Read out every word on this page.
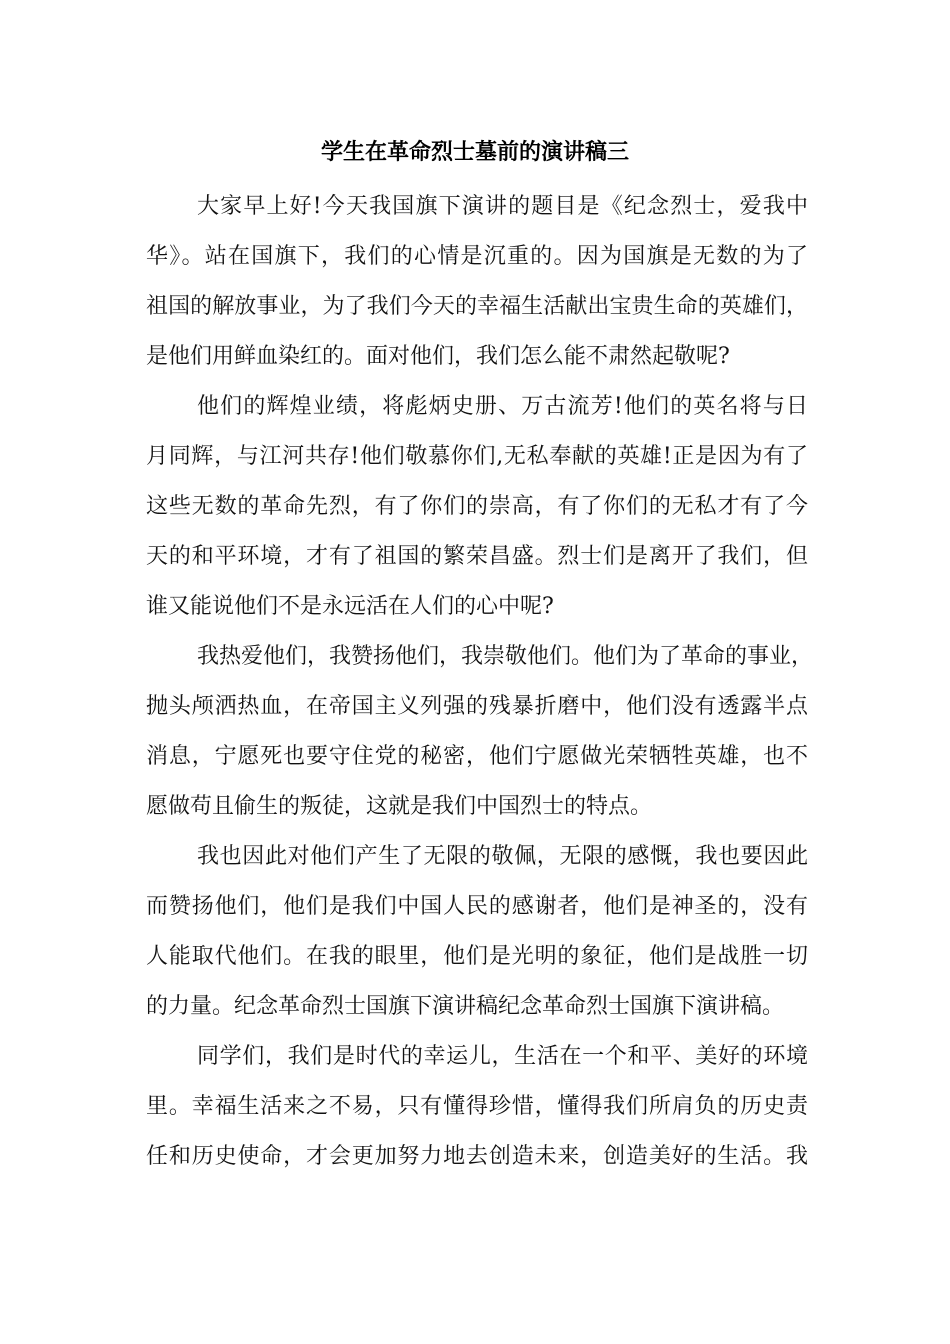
学生在革命烈士墓前的演讲稿三
大家早上好!今天我国旗下演讲的题目是《纪念烈士，爱我中
华》。站在国旗下，我们的心情是沉重的。因为国旗是无数的为了
祖国的解放事业，为了我们今天的幸福生活献出宝贵生命的英雄们，
是他们用鲜血染红的。面对他们，我们怎么能不肃然起敬呢?
他们的辉煌业绩，将彪炳史册、万古流芳!他们的英名将与日
月同辉，与江河共存!他们敬慕你们,无私奉献的英雄!正是因为有了
这些无数的革命先烈，有了你们的崇高，有了你们的无私才有了今
天的和平环境，才有了祖国的繁荣昌盛。烈士们是离开了我们，但
谁又能说他们不是永远活在人们的心中呢?
我热爱他们，我赞扬他们，我崇敬他们。他们为了革命的事业，
抛头颅洒热血，在帝国主义列强的残暴折磨中，他们没有透露半点
消息，宁愿死也要守住党的秘密，他们宁愿做光荣牺牲英雄，也不
愿做苟且偷生的叛徒，这就是我们中国烈士的特点。
我也因此对他们产生了无限的敬佩，无限的感慨，我也要因此
而赞扬他们，他们是我们中国人民的感谢者，他们是神圣的，没有
人能取代他们。在我的眼里，他们是光明的象征，他们是战胜一切
的力量。纪念革命烈士国旗下演讲稿纪念革命烈士国旗下演讲稿。
同学们，我们是时代的幸运儿，生活在一个和平、美好的环境
里。幸福生活来之不易，只有懂得珍惜，懂得我们所肩负的历史责
任和历史使命，才会更加努力地去创造未来，创造美好的生活。我
